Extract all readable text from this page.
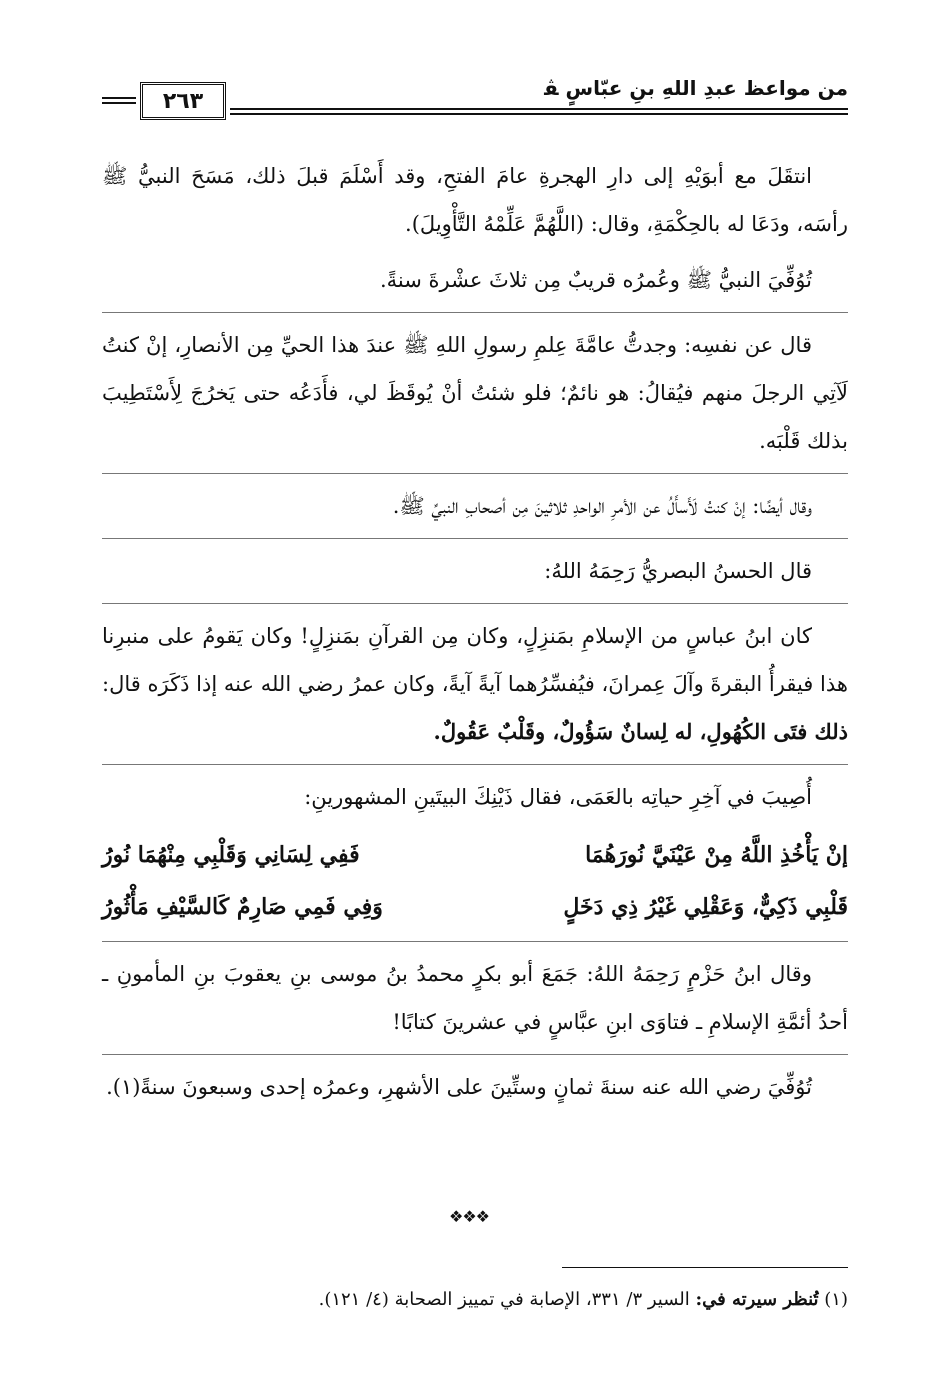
من مواعظ عبدِ اللهِ بنِ عبّاسٍ ﭭ
٢٦٣

انتقَلَ مع أبوَيْهِ إلى دارِ الهجرةِ عامَ الفتحِ، وقد أَسْلَمَ قبلَ ذلك، مَسَحَ النبيُّ ﷺ رأسَه، ودَعَا له بالحِكْمَةِ، وقال: (اللَّهُمَّ عَلِّمْهُ التَّأْوِيلَ).

تُوُفِّيَ النبيُّ ﷺ وعُمرُه قريبٌ مِن ثلاثَ عشْرةَ سنةً.

قال عن نفسِه: وجدتُّ عامَّةَ عِلمِ رسولِ اللهِ ﷺ عندَ هذا الحيِّ مِن الأنصارِ، إنْ كنتُ لَآتِي الرجلَ منهم فيُقالُ: هو نائمٌ؛ فلو شئتُ أنْ يُوقَظَ لي، فأَدَعُه حتى يَخرُجَ لِأَسْتَطِيبَ بذلك قَلْبَه.

وقال أيضًا: إنْ كنتُ لَأَسأَلُ عن الأمرِ الواحدِ ثلاثينَ مِن أصحابِ النبيِّ ﷺ.

قال الحسنُ البصريُّ رَحِمَهُ اللهُ:

كان ابنُ عباسٍ من الإسلامِ بمَنزِلٍ، وكان مِن القرآنِ بمَنزِلٍ! وكان يَقومُ على منبرِنا هذا فيقرأُ البقرةَ وآلَ عِمرانَ، فيُفسِّرُهما آيةً آيةً، وكان عمرُ رضي الله عنه إذا ذَكَرَه قال: ذلك فتَى الكُهُولِ، له لِسانٌ سَؤُولٌ، وقَلْبٌ عَقُولٌ.

أُصِيبَ في آخِرِ حياتِه بالعَمَى، فقال ذَيْنِكَ البيتَينِ المشهورينِ:

إنْ يَأْخُذِ اللَّهُ مِنْ عَيْنَيَّ نُورَهُمَا
فَفِي لِسَانِي وَقَلْبِي مِنْهُمَا نُورُ
قَلْبِي ذَكِيٌّ، وَعَقْلِي غَيْرُ ذِي دَخَلٍ
وَفِي فَمِي صَارِمٌ كَالسَّيْفِ مَأْثُورُ

وقال ابنُ حَزْمٍ رَحِمَهُ اللهُ: جَمَعَ أبو بكرٍ محمدُ بنُ موسى بنِ يعقوبَ بنِ المأمونِ ـ أحدُ أئمَّةِ الإسلامِ ـ فتاوَى ابنِ عبَّاسٍ في عشرينَ كتابًا!

تُوُفِّيَ رضي الله عنه سنةَ ثمانٍ وستِّينَ على الأشهرِ، وعمرُه إحدى وسبعونَ سنةً(١).

❖❖❖
(١) تُنظر سيرته في: السير ٣/ ٣٣١، الإصابة في تمييز الصحابة (٤/ ١٢١).
